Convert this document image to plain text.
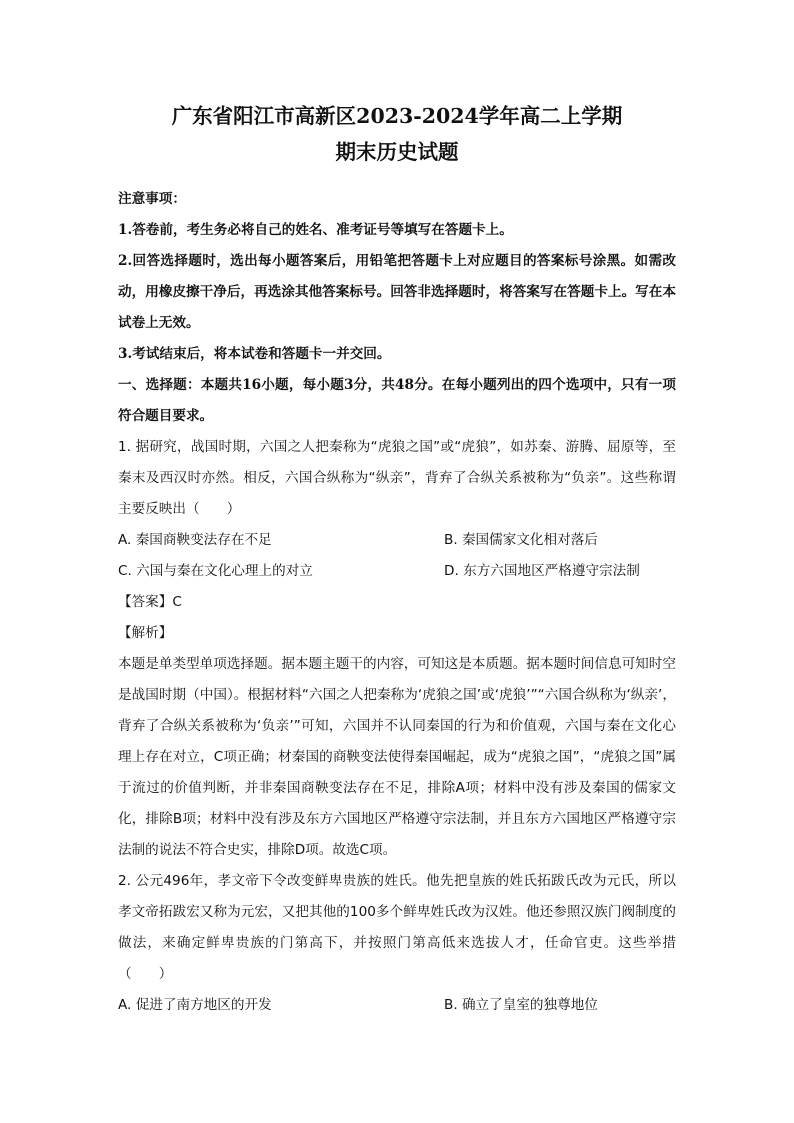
广东省阳江市高新区2023-2024学年高二上学期
期末历史试题

注意事项：

1.答卷前，考生务必将自己的姓名、准考证号等填写在答题卡上。

2.回答选择题时，选出每小题答案后，用铅笔把答题卡上对应题目的答案标号涂黑。如需改动，用橡皮擦干净后，再选涂其他答案标号。回答非选择题时，将答案写在答题卡上。写在本试卷上无效。

3.考试结束后，将本试卷和答题卡一并交回。

一、选择题：本题共16小题，每小题3分，共48分。在每小题列出的四个选项中，只有一项符合题目要求。

1. 据研究，战国时期，六国之人把秦称为“虎狼之国”或“虎狼”，如苏秦、游腾、屈原等，至秦末及西汉时亦然。相反，六国合纵称为“纵亲”，背弃了合纵关系被称为“负亲”。这些称谓主要反映出（　　）

A. 秦国商鞅变法存在不足	B. 秦国儒家文化相对落后
C. 六国与秦在文化心理上的对立	D. 东方六国地区严格遵守宗法制

【答案】C

【解析】

本题是单类型单项选择题。据本题主题干的内容，可知这是本质题。据本题时间信息可知时空是战国时期（中国）。根据材料“六国之人把秦称为‘虎狼之国’或‘虎狼’”“六国合纵称为‘纵亲’，背弃了合纵关系被称为‘负亲’”可知，六国并不认同秦国的行为和价值观，六国与秦在文化心理上存在对立，C项正确；材秦国的商鞅变法使得秦国崛起，成为“虎狼之国”，“虎狼之国”属于流过的价值判断，并非秦国商鞅变法存在不足，排除A项；材料中没有涉及秦国的儒家文化，排除B项；材料中没有涉及东方六国地区严格遵守宗法制，并且东方六国地区严格遵守宗法制的说法不符合史实，排除D项。故选C项。

2. 公元496年，孝文帝下令改变鲜卑贵族的姓氏。他先把皇族的姓氏拓跋氏改为元氏，所以孝文帝拓跋宏又称为元宏，又把其他的100多个鲜卑姓氏改为汉姓。他还参照汉族门阀制度的做法，来确定鲜卑贵族的门第高下，并按照门第高低来选拔人才，任命官吏。这些举措（　　）

A. 促进了南方地区的开发	B. 确立了皇室的独尊地位
